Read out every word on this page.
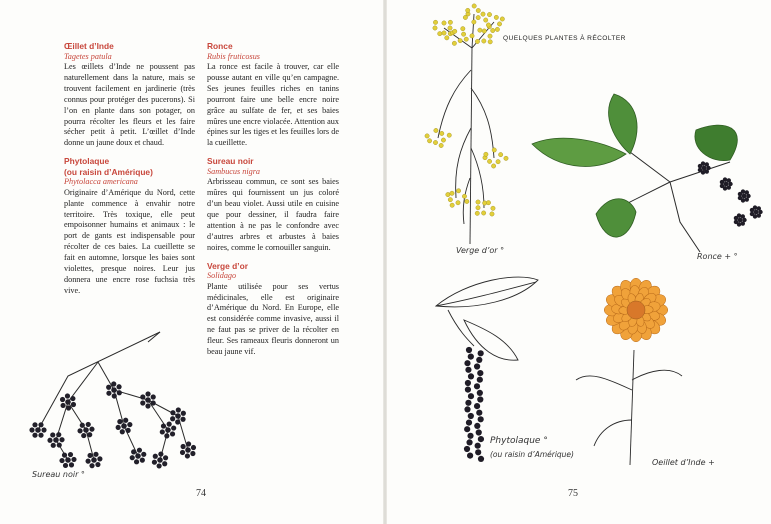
Œillet d’Inde
Tagetes patula
Les œillets d’Inde ne poussent pas naturellement dans la nature, mais se trouvent facilement en jardinerie (très connus pour protéger des pucerons). Si l’on en plante dans son potager, on pourra récolter les fleurs et les faire sécher petit à petit. L’œillet d’Inde donne un jaune doux et chaud.
Phytolaque
(ou raisin d’Amérique)
Phytolacca americana
Originaire d’Amérique du Nord, cette plante commence à envahir notre territoire. Très toxique, elle peut empoisonner humains et animaux : le port de gants est indispensable pour récolter de ces baies. La cueillette se fait en automne, lorsque les baies sont violettes, presque noires. Leur jus donnera une encre rose fuchsia très vive.
Ronce
Rubis fruticosus
La ronce est facile à trouver, car elle pousse autant en ville qu’en campagne. Ses jeunes feuilles riches en tanins pourront faire une belle encre noire grâce au sulfate de fer, et ses baies mûres une encre violacée. Attention aux épines sur les tiges et les feuilles lors de la cueillette.
Sureau noir
Sambucus nigra
Arbrisseau commun, ce sont ses baies mûres qui fournissent un jus coloré d’un beau violet. Aussi utile en cuisine que pour dessiner, il faudra faire attention à ne pas le confondre avec d’autres arbres et arbustes à baies noires, comme le cornouiller sanguin.
Verge d’or
Solidago
Plante utilisée pour ses vertus médicinales, elle est originaire d’Amérique du Nord. En Europe, elle est considérée comme invasive, aussi il ne faut pas se priver de la récolter en fleur. Ses rameaux fleuris donneront un beau jaune vif.
Sureau noir °
74
QUELQUES PLANTES À RÉCOLTER
Verge d’or °
Ronce + °
Phytolaque °
(ou raisin d’Amérique)
Oeillet d’Inde +
75
